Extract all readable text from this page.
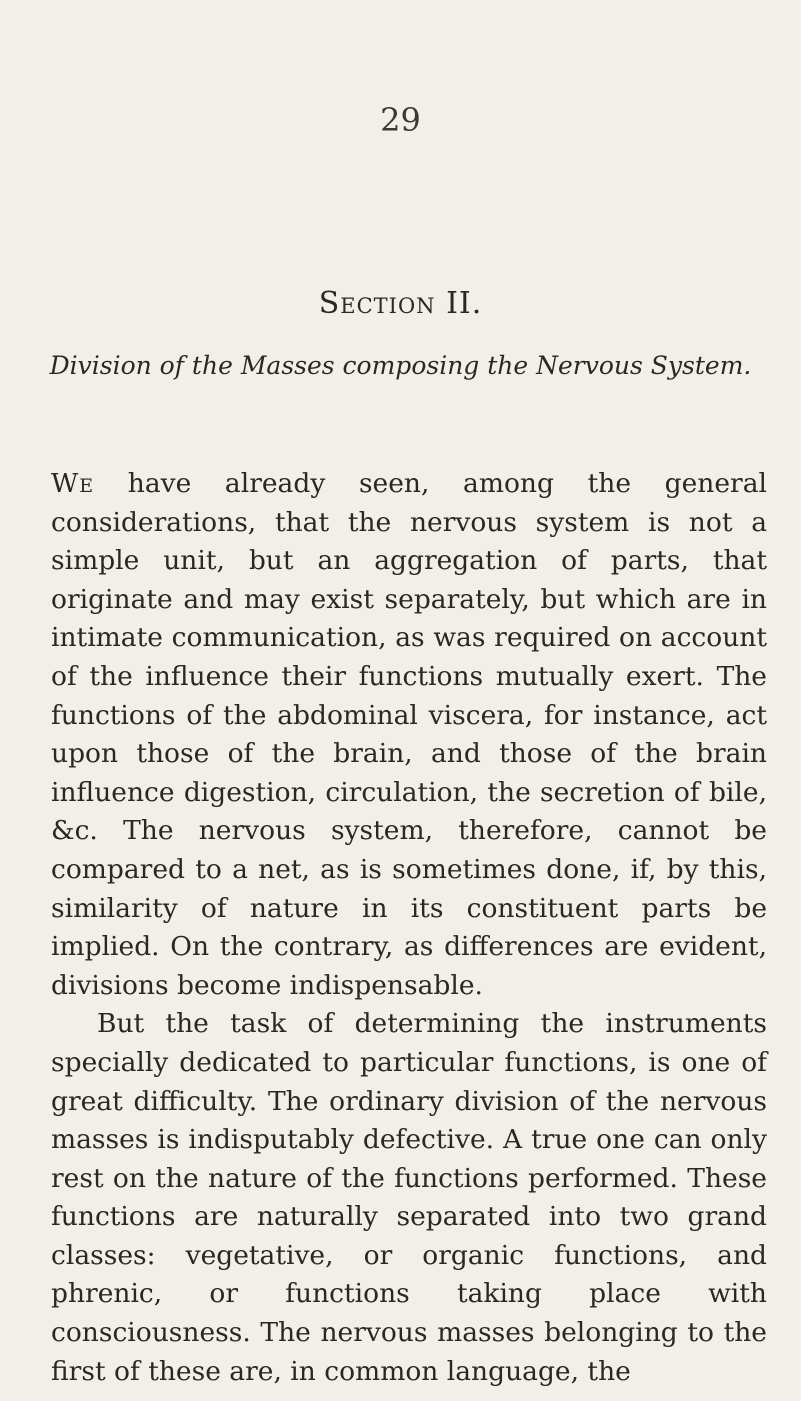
29
Section II.
Division of the Masses composing the Nervous System.

We have already seen, among the general considerations, that the nervous system is not a simple unit, but an aggregation of parts, that originate and may exist separately, but which are in intimate communication, as was required on account of the influence their functions mutually exert. The functions of the abdominal viscera, for instance, act upon those of the brain, and those of the brain influence digestion, circulation, the secretion of bile, &c. The nervous system, therefore, cannot be compared to a net, as is sometimes done, if, by this, similarity of nature in its constituent parts be implied. On the contrary, as differences are evident, divisions become indispensable.

But the task of determining the instruments specially dedicated to particular functions, is one of great difficulty. The ordinary division of the nervous masses is indisputably defective. A true one can only rest on the nature of the functions performed. These functions are naturally separated into two grand classes: vegetative, or organic functions, and phrenic, or functions taking place with consciousness. The nervous masses belonging to the first of these are, in common language, the
